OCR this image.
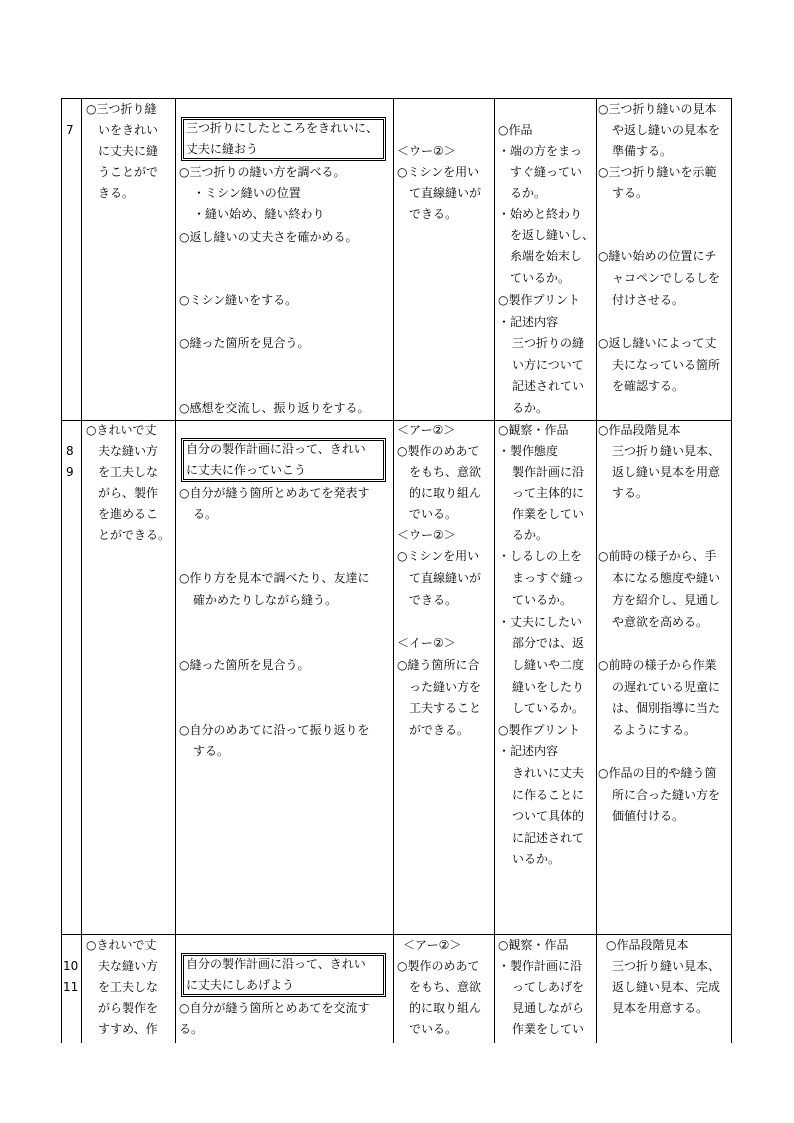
7
○三つ折り縫
いをきれい
に丈夫に縫
うことがで
きる。
三つ折りにしたところをきれいに、
丈夫に縫おう
○三つ折りの縫い方を調べる。
・ミシン縫いの位置
・縫い始め、縫い終わり
○返し縫いの丈夫さを確かめる。
○ミシン縫いをする。
○縫った箇所を見合う。
○感想を交流し、振り返りをする。
＜ウー②＞
○ミシンを用い
て直線縫いが
できる。
○作品
・端の方をまっ
すぐ縫ってい
るか。
・始めと終わり
を返し縫いし、
糸端を始末し
ているか。
○製作プリント
・記述内容
三つ折りの縫
い方について
記述されてい
るか。
○三つ折り縫いの見本
や返し縫いの見本を
準備する。
○三つ折り縫いを示範
する。
○縫い始めの位置にチ
ャコペンでしるしを
付けさせる。
○返し縫いによって丈
夫になっている箇所
を確認する。
8
9
○きれいで丈
夫な縫い方
を工夫しな
がら、製作
を進めるこ
とができる。
自分の製作計画に沿って、きれい
に丈夫に作っていこう
○自分が縫う箇所とめあてを発表す
る。
○作り方を見本で調べたり、友達に
確かめたりしながら縫う。
○縫った箇所を見合う。
○自分のめあてに沿って振り返りを
する。
＜アー②＞
○製作のめあて
をもち、意欲
的に取り組ん
でいる。
＜ウー②＞
○ミシンを用い
て直線縫いが
できる。
＜イー②＞
○縫う箇所に合
った縫い方を
工夫すること
ができる。
○観察・作品
・製作態度
製作計画に沿
って主体的に
作業をしてい
るか。
・しるしの上を
まっすぐ縫っ
ているか。
・丈夫にしたい
部分では、返
し縫いや二度
縫いをしたり
しているか。
○製作プリント
・記述内容
きれいに丈夫
に作ることに
ついて具体的
に記述されて
いるか。
○作品段階見本
三つ折り縫い見本、
返し縫い見本を用意
する。
○前時の様子から、手
本になる態度や縫い
方を紹介し、見通し
や意欲を高める。
○前時の様子から作業
の遅れている児童に
は、個別指導に当た
るようにする。
○作品の目的や縫う箇
所に合った縫い方を
価値付ける。
10
11
○きれいで丈
夫な縫い方
を工夫しな
がら製作を
すすめ、作
自分の製作計画に沿って、きれい
に丈夫にしあげよう
○自分が縫う箇所とめあてを交流す
る。
＜アー②＞
○製作のめあて
をもち、意欲
的に取り組ん
でいる。
○観察・作品
・製作計画に沿
ってしあげを
見通しながら
作業をしてい
○作品段階見本
三つ折り縫い見本、
返し縫い見本、完成
見本を用意する。
